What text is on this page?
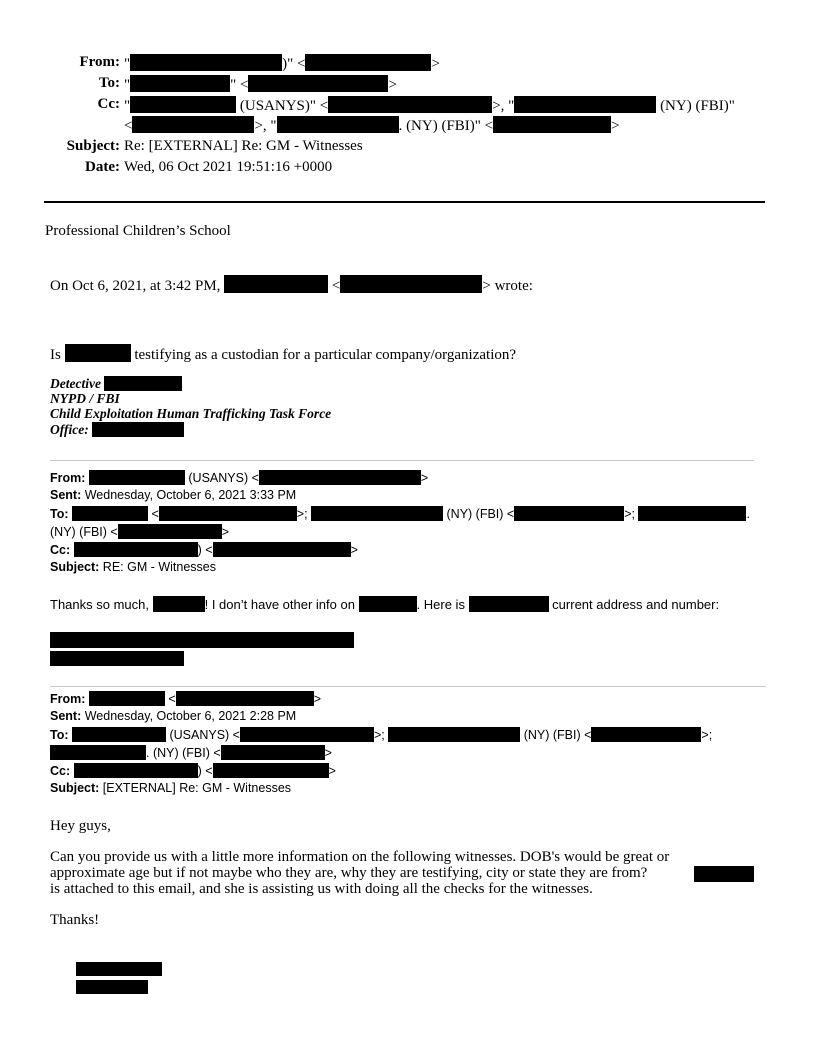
From: "	)" <	>
To: "	" <	>
Cc: "	(USANYS)" <	>, "	(NY) (FBI)"
<	>, "	. (NY) (FBI)" <	>
Subject: Re: [EXTERNAL] Re: GM - Witnesses
Date: Wed, 06 Oct 2021 19:51:16 +0000
Professional Children’s School
On Oct 6, 2021, at 3:42 PM,	<	> wrote:
Is	testifying as a custodian for a particular company/organization?
Detective
NYPD / FBI
Child Exploitation Human Trafficking Task Force
Office:
From:	(USANYS) <	>
Sent: Wednesday, October 6, 2021 3:33 PM
To:	<	>;	(NY) (FBI) <	>;	.
(NY) (FBI) <	>
Cc:	) <	>
Subject: RE: GM - Witnesses
Thanks so much,	! I don’t have other info on	. Here is	current address and number:
From:	<	>
Sent: Wednesday, October 6, 2021 2:28 PM
To:	(USANYS) <	>;	(NY) (FBI) <	>;
. (NY) (FBI) <	>
Cc:	) <	>
Subject: [EXTERNAL] Re: GM - Witnesses
Hey guys,
Can you provide us with a little more information on the following witnesses. DOB's would be great or
approximate age but if not maybe who they are, why they are testifying, city or state they are from?
is attached to this email, and she is assisting us with doing all the checks for the witnesses.
Thanks!
